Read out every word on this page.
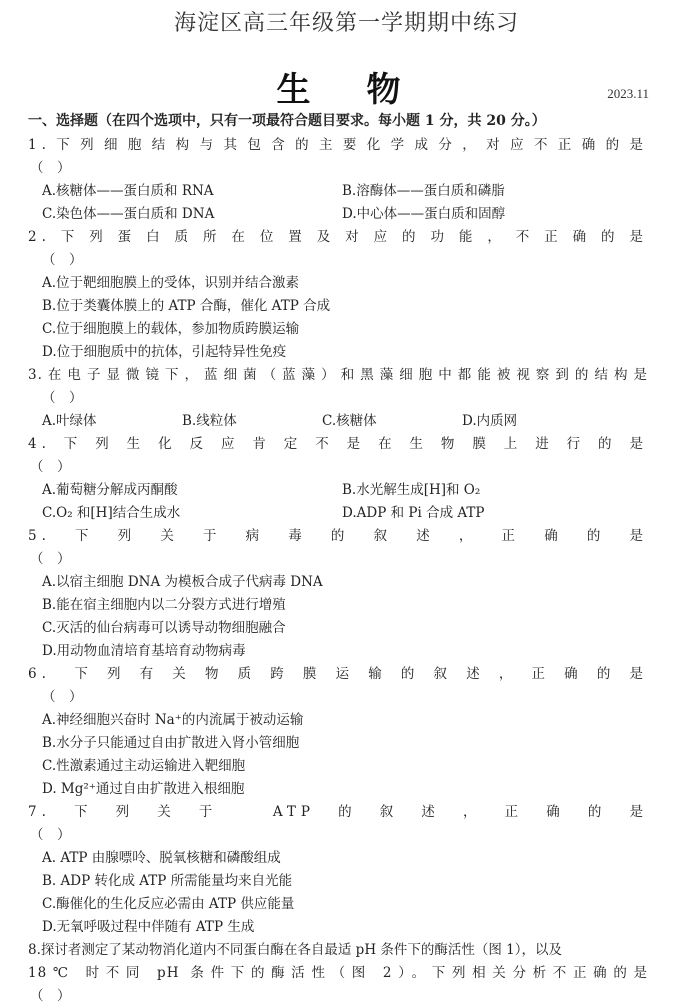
海淀区高三年级第一学期期中练习
生物	2023.11
一、选择题（在四个选项中，只有一项最符合题目要求。每小题 1 分，共 20 分。）
1.下列细胞结构与其包含的主要化学成分，对应不正确的是
（　）
A.核糖体——蛋白质和 RNA	B.溶酶体——蛋白质和磷脂
C.染色体——蛋白质和 DNA	D.中心体——蛋白质和固醇
2.下列蛋白质所在位置及对应的功能，不正确的是
（　）
A.位于靶细胞膜上的受体，识别并结合激素
B.位于类囊体膜上的 ATP 合酶，催化 ATP 合成
C.位于细胞膜上的载体，参加物质跨膜运输
D.位于细胞质中的抗体，引起特异性免疫
3.在电子显微镜下，蓝细菌（蓝藻）和黑藻细胞中都能被视察到的结构是
（　）
A.叶绿体	B.线粒体	C.核糖体	D.内质网
4.下列生化反应肯定不是在生物膜上进行的是
（　）
A.葡萄糖分解成丙酮酸	B.水光解生成[H]和 O₂
C.O₂ 和[H]结合生成水	D.ADP 和 Pi 合成 ATP
5.下列关于病毒的叙述，正确的是
（　）
A.以宿主细胞 DNA 为模板合成子代病毒 DNA
B.能在宿主细胞内以二分裂方式进行增殖
C.灭活的仙台病毒可以诱导动物细胞融合
D.用动物血清培育基培育动物病毒
6. 下列有关物质跨膜运输的叙述，正确的是
（　）
A.神经细胞兴奋时 Na⁺的内流属于被动运输
B.水分子只能通过自由扩散进入肾小管细胞
C.性激素通过主动运输进入靶细胞
D. Mg²⁺通过自由扩散进入根细胞
7.下列关于 ATP的叙述，正确的是
（　）
A. ATP 由腺嘌呤、脱氧核糖和磷酸组成
B. ADP 转化成 ATP 所需能量均来自光能
C.酶催化的生化反应必需由 ATP 供应能量
D.无氧呼吸过程中伴随有 ATP 生成
8.探讨者测定了某动物消化道内不同蛋白酶在各自最适 pH 条件下的酶活性（图 1），以及
18℃ 时不同 pH 条件下的酶活性（图 2）。下列相关分析不正确的是
（　）
